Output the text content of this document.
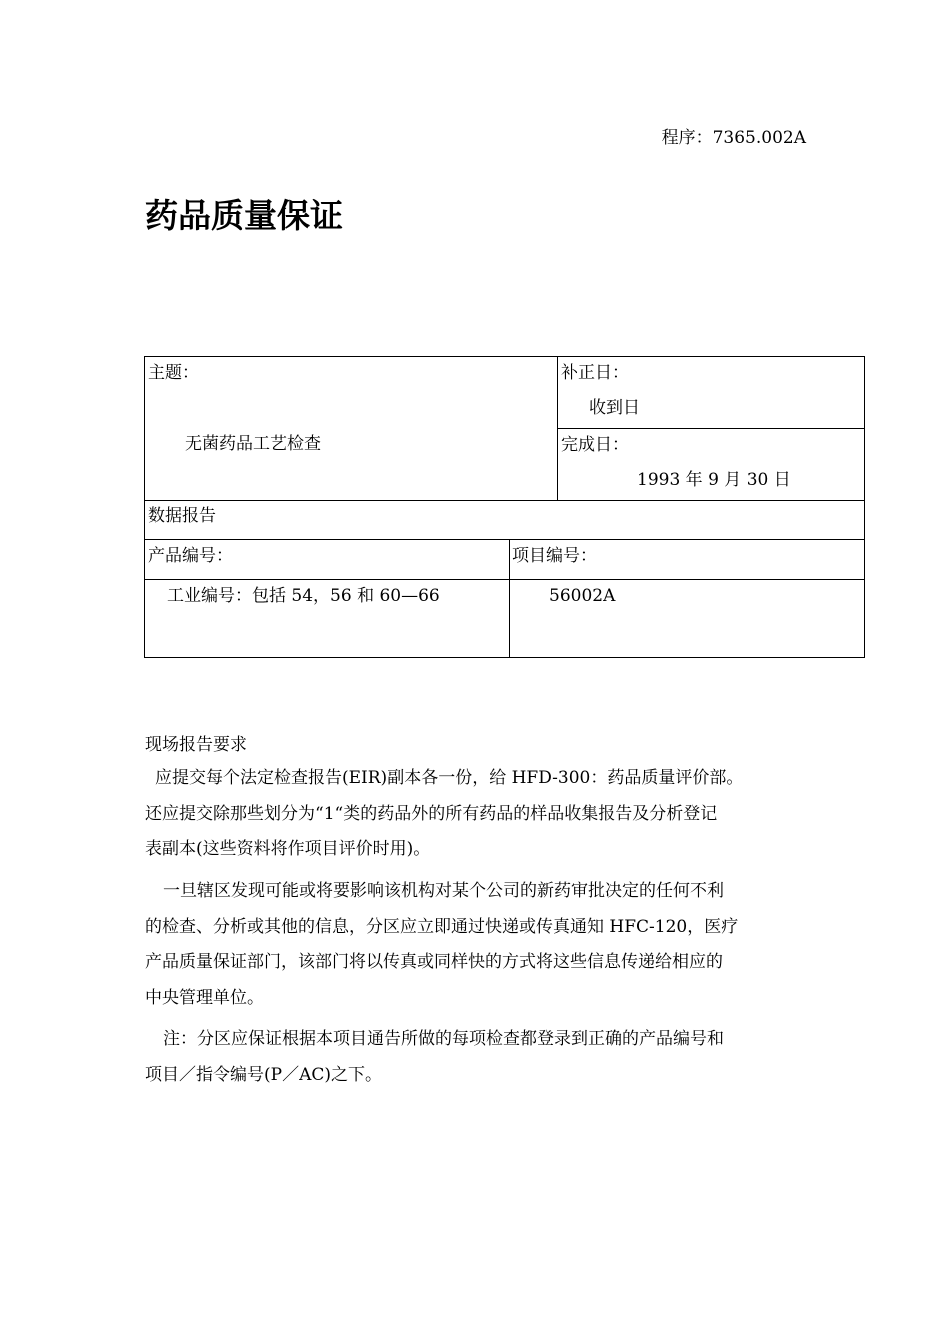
程序：7365.002A
药品质量保证
主题：
无菌药品工艺检查
补正日：
收到日
完成日：
1993 年 9 月 30 日
数据报告
产品编号：	项目编号：
工业编号：包括 54，56 和 60—66	56002A
现场报告要求
应提交每个法定检查报告(EIR)副本各一份，给 HFD-300：药品质量评价部。
还应提交除那些划分为“1“类的药品外的所有药品的样品收集报告及分析登记
表副本(这些资料将作项目评价时用)。
一旦辖区发现可能或将要影响该机构对某个公司的新药审批决定的任何不利
的检查、分析或其他的信息，分区应立即通过快递或传真通知 HFC-120，医疗
产品质量保证部门，该部门将以传真或同样快的方式将这些信息传递给相应的
中央管理单位。
注：分区应保证根据本项目通告所做的每项检查都登录到正确的产品编号和
项目／指令编号(P／AC)之下。
